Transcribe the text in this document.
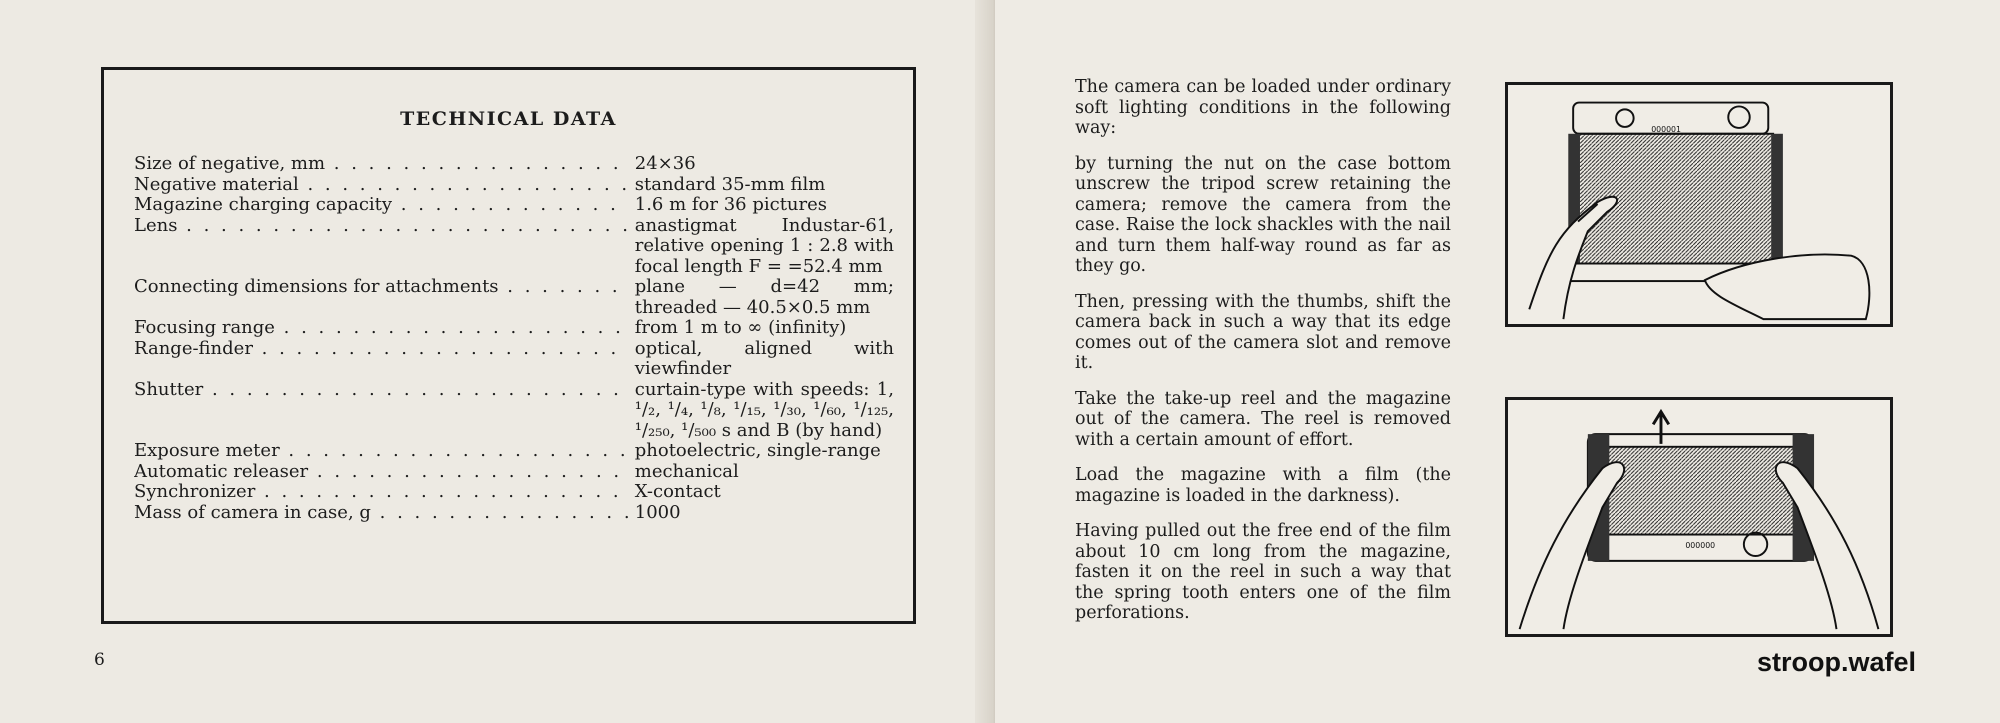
TECHNICAL DATA
Size of negative, mm . . .	24×36
Negative material . . .	standard 35-mm film
Magazine charging capacity . . .	1.6 m for 36 pictures
Lens . . .	anastigmat Industar-61, relative opening 1 : 2.8 with focal length F = =52.4 mm
Connecting dimensions for attachments . . .	plane — d=42 mm; threaded — 40.5×0.5 mm
Focusing range . . .	from 1 m to ∞ (infinity)
Range-finder . . .	optical, aligned with viewfinder
Shutter . . .	curtain-type with speeds: 1, ¹/₂, ¹/₄, ¹/₈, ¹/₁₅, ¹/₃₀, ¹/₆₀, ¹/₁₂₅, ¹/₂₅₀, ¹/₅₀₀ s and B (by hand)
Exposure meter . . .	photoelectric, single-range
Automatic releaser . . .	mechanical
Synchronizer . . .	X-contact
Mass of camera in case, g . . .	1000
6

The camera can be loaded under ordinary soft lighting conditions in the following way:

by turning the nut on the case bottom unscrew the tripod screw retaining the camera; remove the camera from the case. Raise the lock shackles with the nail and turn them half-way round as far as they go.

Then, pressing with the thumbs, shift the camera back in such a way that its edge comes out of the camera slot and remove it.

Take the take-up reel and the magazine out of the camera. The reel is removed with a certain amount of effort.

Load the magazine with a film (the magazine is loaded in the darkness).

Having pulled out the free end of the film about 10 cm long from the magazine, fasten it on the reel in such a way that the spring tooth enters one of the film perforations.

000001
000000
stroop.wafel
